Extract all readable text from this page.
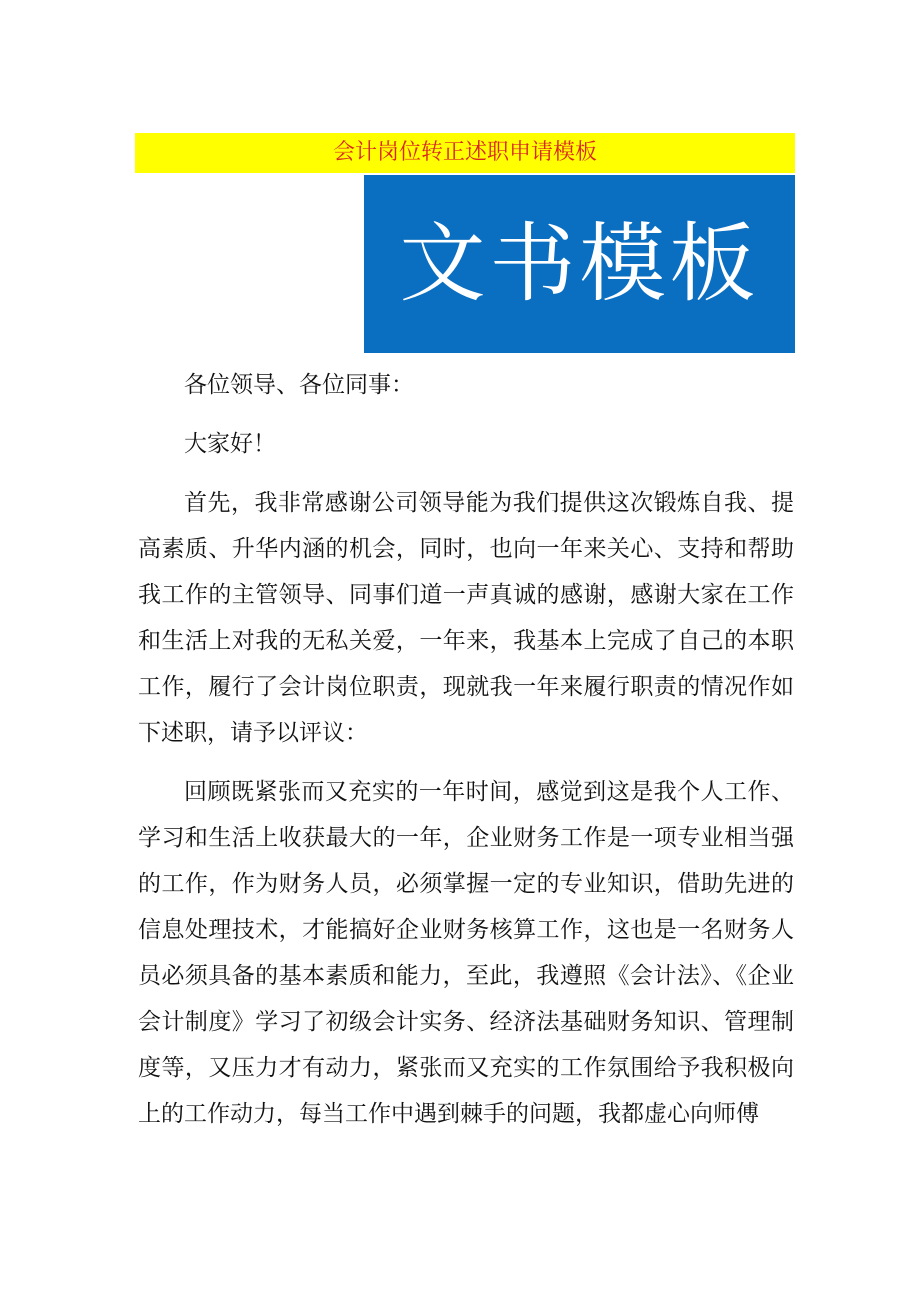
会计岗位转正述职申请模板
文书模板

各位领导、各位同事：

大家好！

首先，我非常感谢公司领导能为我们提供这次锻炼自我、提高素质、升华内涵的机会，同时，也向一年来关心、支持和帮助我工作的主管领导、同事们道一声真诚的感谢，感谢大家在工作和生活上对我的无私关爱，一年来，我基本上完成了自己的本职工作，履行了会计岗位职责，现就我一年来履行职责的情况作如下述职，请予以评议：

回顾既紧张而又充实的一年时间，感觉到这是我个人工作、学习和生活上收获最大的一年，企业财务工作是一项专业相当强的工作，作为财务人员，必须掌握一定的专业知识，借助先进的信息处理技术，才能搞好企业财务核算工作，这也是一名财务人员必须具备的基本素质和能力，至此，我遵照《会计法》、《企业会计制度》学习了初级会计实务、经济法基础财务知识、管理制度等，又压力才有动力，紧张而又充实的工作氛围给予我积极向上的工作动力，每当工作中遇到棘手的问题，我都虚心向师傅
